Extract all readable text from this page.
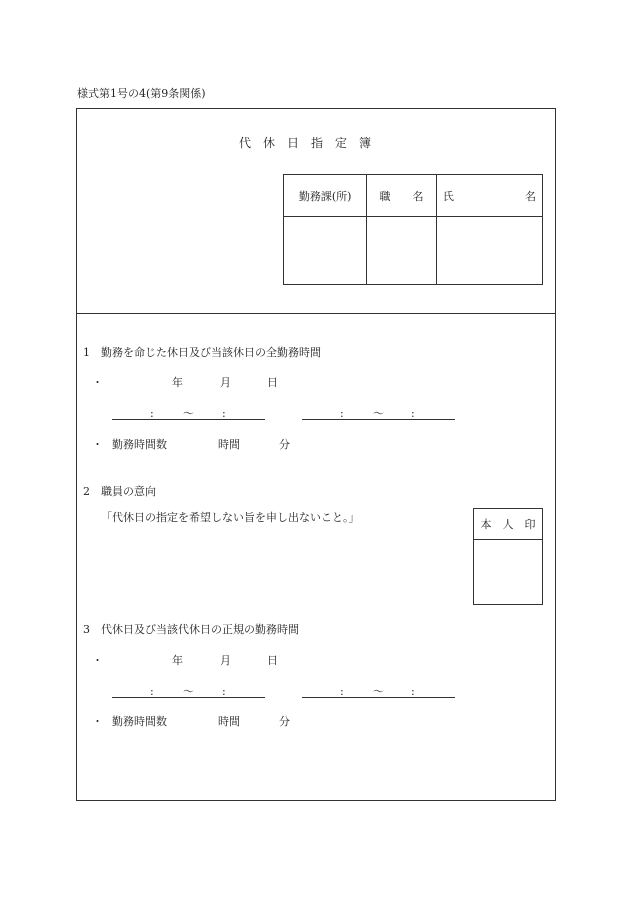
様式第1号の4(第9条関係)
代　休　日　指　定　簿
勤務課(所)	職　　名	氏 名

1　勤務を命じた休日及び当該休日の全勤務時間
・	年	月	日
:	〜	:	:	〜 :
・ 勤務時間数	時間	分
2　職員の意向
「代休日の指定を希望しない旨を申し出ないこと。」
本　人　印
3　代休日及び当該代休日の正規の勤務時間
・	年	月	日
:	〜	:	:	〜 :
・ 勤務時間数	時間	分
